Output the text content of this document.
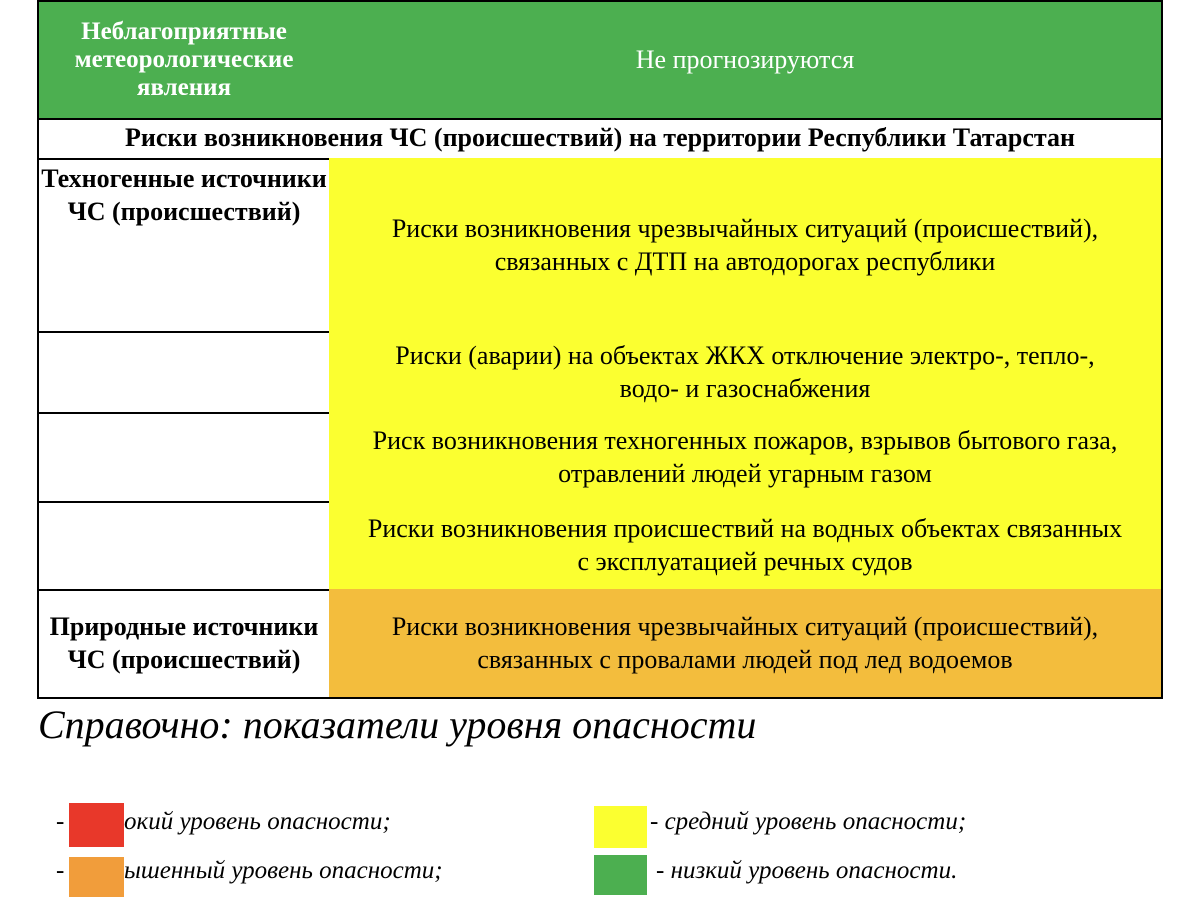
Неблагоприятные метеорологические явления
Не прогнозируются
Риски возникновения ЧС (происшествий) на территории Республики Татарстан
Техногенные источники ЧС (происшествий)
Риски возникновения чрезвычайных ситуаций (происшествий), связанных с ДТП на автодорогах республики
Риски (аварии) на объектах ЖКХ отключение электро-, тепло-, водо- и газоснабжения
Риск возникновения техногенных пожаров, взрывов бытового газа, отравлений людей угарным газом
Риски возникновения происшествий на водных объектах связанных с эксплуатацией речных судов
Природные источники ЧС (происшествий)
Риски возникновения чрезвычайных ситуаций (происшествий), связанных с провалами людей под лед водоемов
Справочно: показатели уровня опасности
- окий уровень опасности;
- ышенный уровень опасности;
- средний уровень опасности;
- низкий уровень опасности.
